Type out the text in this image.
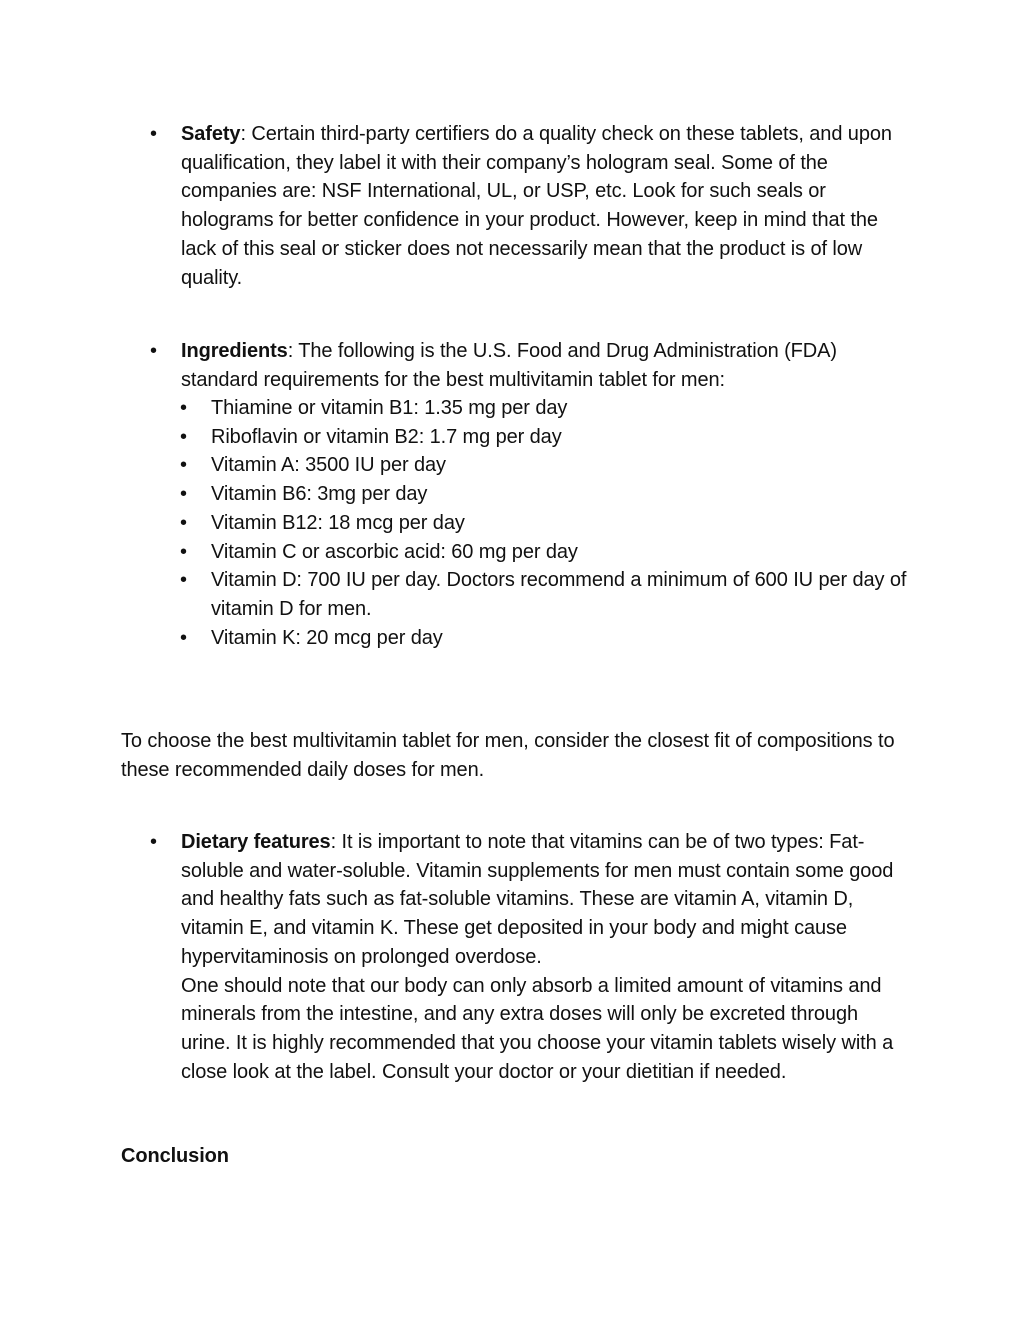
• Safety: Certain third-party certifiers do a quality check on these tablets, and upon qualification, they label it with their company’s hologram seal. Some of the companies are: NSF International, UL, or USP, etc. Look for such seals or holograms for better confidence in your product. However, keep in mind that the lack of this seal or sticker does not necessarily mean that the product is of low quality.

• Ingredients: The following is the U.S. Food and Drug Administration (FDA) standard requirements for the best multivitamin tablet for men:

• Thiamine or vitamin B1: 1.35 mg per day
• Riboflavin or vitamin B2: 1.7 mg per day
• Vitamin A: 3500 IU per day
• Vitamin B6: 3mg per day
• Vitamin B12: 18 mcg per day
• Vitamin C or ascorbic acid: 60 mg per day
• Vitamin D: 700 IU per day. Doctors recommend a minimum of 600 IU per day of vitamin D for men.
• Vitamin K: 20 mcg per day

To choose the best multivitamin tablet for men, consider the closest fit of compositions to these recommended daily doses for men.

• Dietary features: It is important to note that vitamins can be of two types: Fat-soluble and water-soluble. Vitamin supplements for men must contain some good and healthy fats such as fat-soluble vitamins. These are vitamin A, vitamin D, vitamin E, and vitamin K. These get deposited in your body and might cause hypervitaminosis on prolonged overdose.

One should note that our body can only absorb a limited amount of vitamins and minerals from the intestine, and any extra doses will only be excreted through urine. It is highly recommended that you choose your vitamin tablets wisely with a close look at the label. Consult your doctor or your dietitian if needed.

Conclusion
